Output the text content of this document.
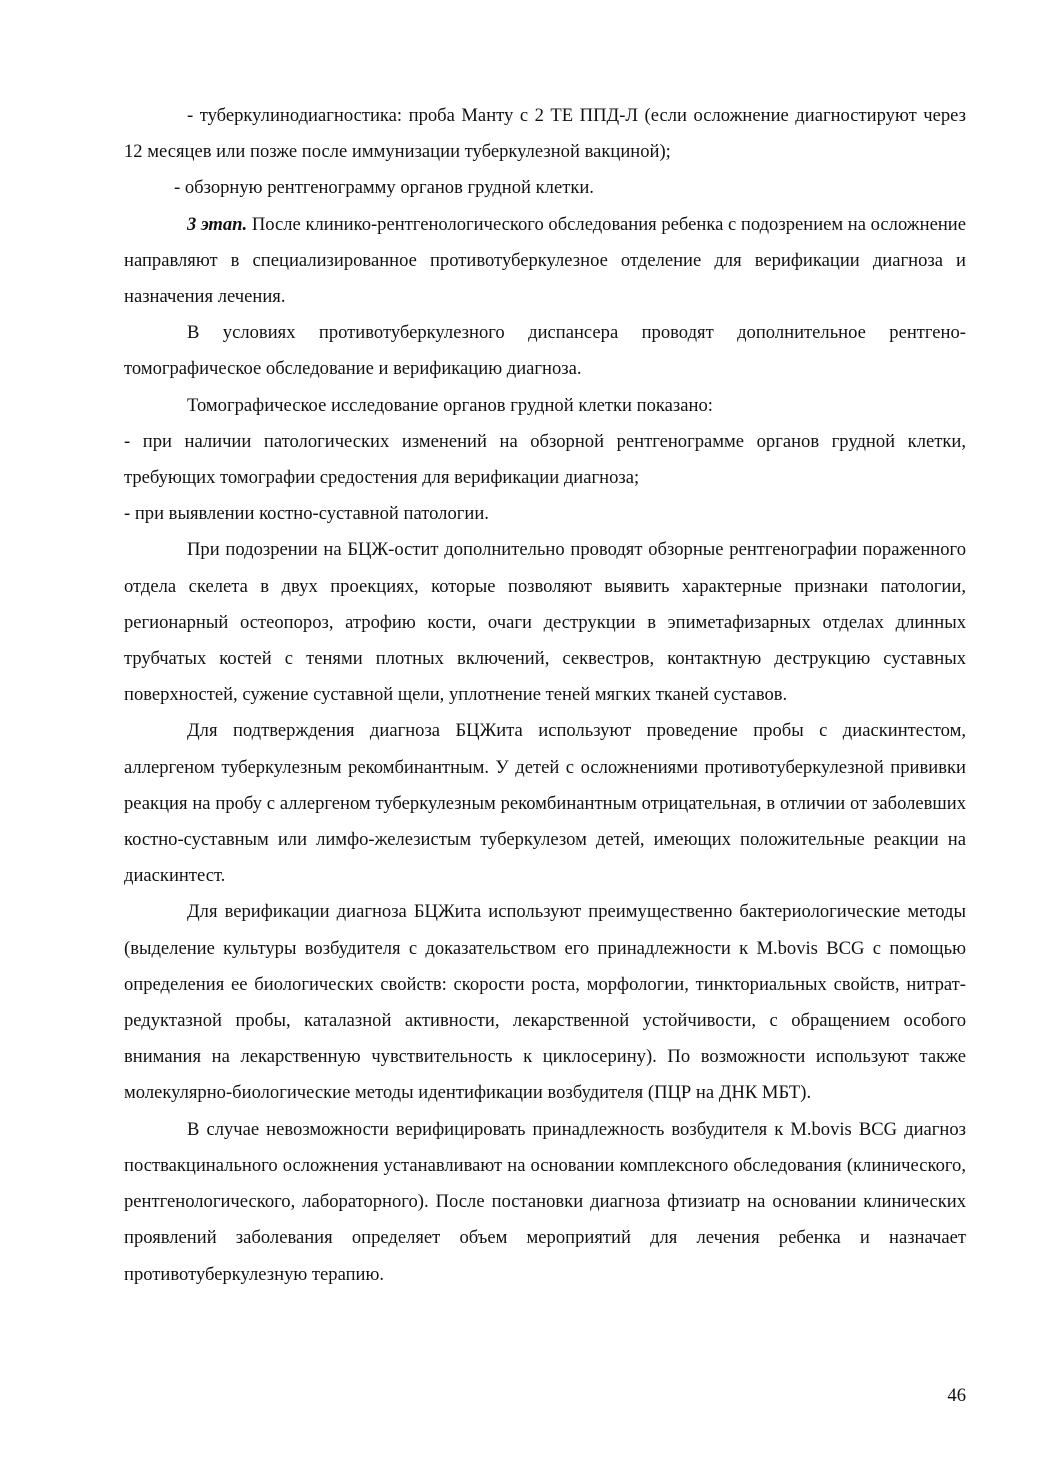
- туберкулинодиагностика: проба Манту с 2 ТЕ ППД-Л (если осложнение диагностируют через 12 месяцев или позже после иммунизации туберкулезной вакциной);

- обзорную рентгенограмму органов грудной клетки.

3 этап. После клинико-рентгенологического обследования ребенка с подозрением на осложнение направляют в специализированное противотуберкулезное отделение для верификации диагноза и назначения лечения.

В условиях противотуберкулезного диспансера проводят дополнительное рентгено-томографическое обследование и верификацию диагноза.

Томографическое исследование органов грудной клетки показано:

- при наличии патологических изменений на обзорной рентгенограмме органов грудной клетки, требующих томографии средостения для верификации диагноза;

- при выявлении костно-суставной патологии.

При подозрении на БЦЖ-остит дополнительно проводят обзорные рентгенографии пораженного отдела скелета в двух проекциях, которые позволяют выявить характерные признаки патологии, регионарный остеопороз, атрофию кости, очаги деструкции в эпиметафизарных отделах длинных трубчатых костей с тенями плотных включений, секвестров, контактную деструкцию суставных поверхностей, сужение суставной щели, уплотнение теней мягких тканей суставов.

Для подтверждения диагноза БЦЖита используют проведение пробы с диаскинтестом, аллергеном туберкулезным рекомбинантным. У детей с осложнениями противотуберкулезной прививки реакция на пробу с аллергеном туберкулезным рекомбинантным отрицательная, в отличии от заболевших костно-суставным или лимфо-железистым туберкулезом детей, имеющих положительные реакции на диаскинтест.

Для верификации диагноза БЦЖита используют преимущественно бактериологические методы (выделение культуры возбудителя с доказательством его принадлежности к M.bovis BCG с помощью определения ее биологических свойств: скорости роста, морфологии, тинкториальных свойств, нитрат-редуктазной пробы, каталазной активности, лекарственной устойчивости, с обращением особого внимания на лекарственную чувствительность к циклосерину). По возможности используют также молекулярно-биологические методы идентификации возбудителя (ПЦР на ДНК МБТ).

В случае невозможности верифицировать принадлежность возбудителя к M.bovis BCG диагноз поствакцинального осложнения устанавливают на основании комплексного обследования (клинического, рентгенологического, лабораторного). После постановки диагноза фтизиатр на основании клинических проявлений заболевания определяет объем мероприятий для лечения ребенка и назначает противотуберкулезную терапию.

46
